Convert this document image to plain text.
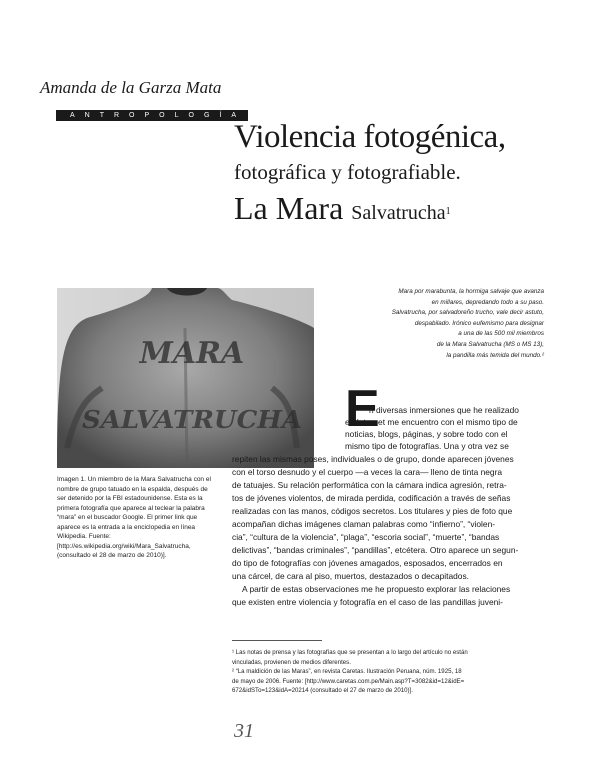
Amanda de la Garza Mata
ANTROPOLOGÍA
Violencia fotogénica,
fotográfica y fotografiable.
La Mara Salvatrucha$^1$
MARA
SALVATRUCHA
Imagen 1. Un miembro de la Mara Salvatrucha con el nombre de grupo tatuado en la espalda, después de ser detenido por la FBI estadounidense. Esta es la primera fotografía que aparece al teclear la palabra “mara” en el buscador Google. El primer link que aparece es la entrada a la enciclopedia en línea Wikipedia. Fuente: [http://es.wikipedia.org/wiki/Mara_Salvatrucha, (consultado el 28 de marzo de 2010)].
Mara por marabunta, la hormiga salvaje que avanza
en millares, depredando todo a su paso.
Salvatrucha, por salvadoreño trucho, vale decir astuto,
despabilado. Irónico eufemismo para designar
a una de las 500 mil miembros
de la Mara Salvatrucha (MS o MS 13),
la pandilla más temida del mundo.²
E
n diversas inmersiones que he realizado
en Internet me encuentro con el mismo tipo de
noticias, blogs, páginas, y sobre todo con el
mismo tipo de fotografías. Una y otra vez se
repiten las mismas poses, individuales o de grupo, donde aparecen jóvenes
con el torso desnudo y el cuerpo —a veces la cara— lleno de tinta negra
de tatuajes. Su relación performática con la cámara indica agresión, retra-
tos de jóvenes violentos, de mirada perdida, codificación a través de señas
realizadas con las manos, códigos secretos. Los titulares y pies de foto que
acompañan dichas imágenes claman palabras como “infierno”, “violen-
cia”, “cultura de la violencia”, “plaga”, “escoria social”, “muerte”, “bandas
delictivas”, “bandas criminales”, “pandillas”, etcétera. Otro aparece un segun-
do tipo de fotografías con jóvenes amagados, esposados, encerrados en
una cárcel, de cara al piso, muertos, destazados o decapitados.
A partir de estas observaciones me he propuesto explorar las relaciones
que existen entre violencia y fotografía en el caso de las pandillas juveni-
¹ Las notas de prensa y las fotografías que se presentan a lo largo del artículo no están
vinculadas, provienen de medios diferentes.
² “La maldición de las Maras”, en revista Caretas. Ilustración Peruana, núm. 1925, 18
de mayo de 2006. Fuente: [http://www.caretas.com.pe/Main.asp?T=3082&id=12&idE=
672&idSTo=123&idA=20214 (consultado el 27 de marzo de 2010)].
31
